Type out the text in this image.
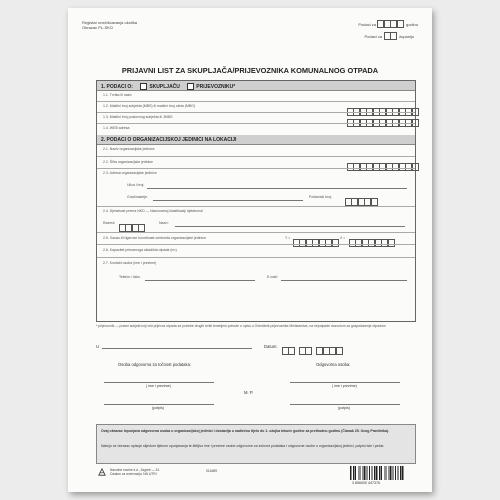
Registar onečišćavanja okoliša
Obrazac PL-SKO
Podaci za	godinu
Podaci za	županiju
PRIJAVNI LIST ZA SKUPLJAČA/PRIJEVOZNIKA KOMUNALNOG OTPADA
1. PODACI O:	SKUPLJAČU	PRIJEVOZNIKU*
1.1. Tvrtka ili naziv
1.2. Matični broj subjekta (MBS) ili matični broj obrta (MBO)
1.3. Matični broj poslovnog subjekta ili JMBG
1.4. WEB adresa
2. PODACI O ORGANIZACIJSKOJ JEDINICI NA LOKACIJI
2.1. Naziv organizacijske jedinice
2.2. Šifra organizacijske jedinice
2.3. Adresa organizacijske jedinice
Ulica i broj:
Grad/naselje:	Poštanski broj:
2.4. Djelatnost prema NKD — Nacionalnoj klasifikaciji djelatnosti
Razred:	Naziv:
2.5. Gauss-Krügerove koordinate centroida organizacijske jedinice	Y =	X =
2.6. Kapacitet primarnoga skladišta otpada (m³)
2.7. Kontakt osoba (ime i prezime)
Telefon / faks:	E-mail:
* prijevoznik — pravni subjekt koji vrši prijevoz otpada za potrebe drugih tvrtki temeljem potvrde o upisu u Očevidnik prijevoznika Ministarstva, na nepotpade dozvolom za gospodarenje otpadom
U	Datum:

Osoba odgovorna za točnost podataka:	Odgovorna osoba:
( ime i prezime)	( ime i prezime)
M. P.
(potpis)	(potpis)
Ovaj obrazac lepunjava odgovorna osoba u organizacijskoj jedinici i dostavlja u nadležno tijelo do 1. ožujka tekuće godine za prethodnu godinu (Članak 25. Uvog Pravilnika).
Naknju se obrazac opisuje slijedom tijekom opunjavanja te štitljivo ime i prezime osobe odgovorne za točnost podataka i odgovorne osobe u organizacijskoj jedinici, potpisi iste i pečat.
Narodne novine d.d., Zagreb — 24.
Ozakon za rezervaciju: NN 4/TRI
011689
3 856000 447376
